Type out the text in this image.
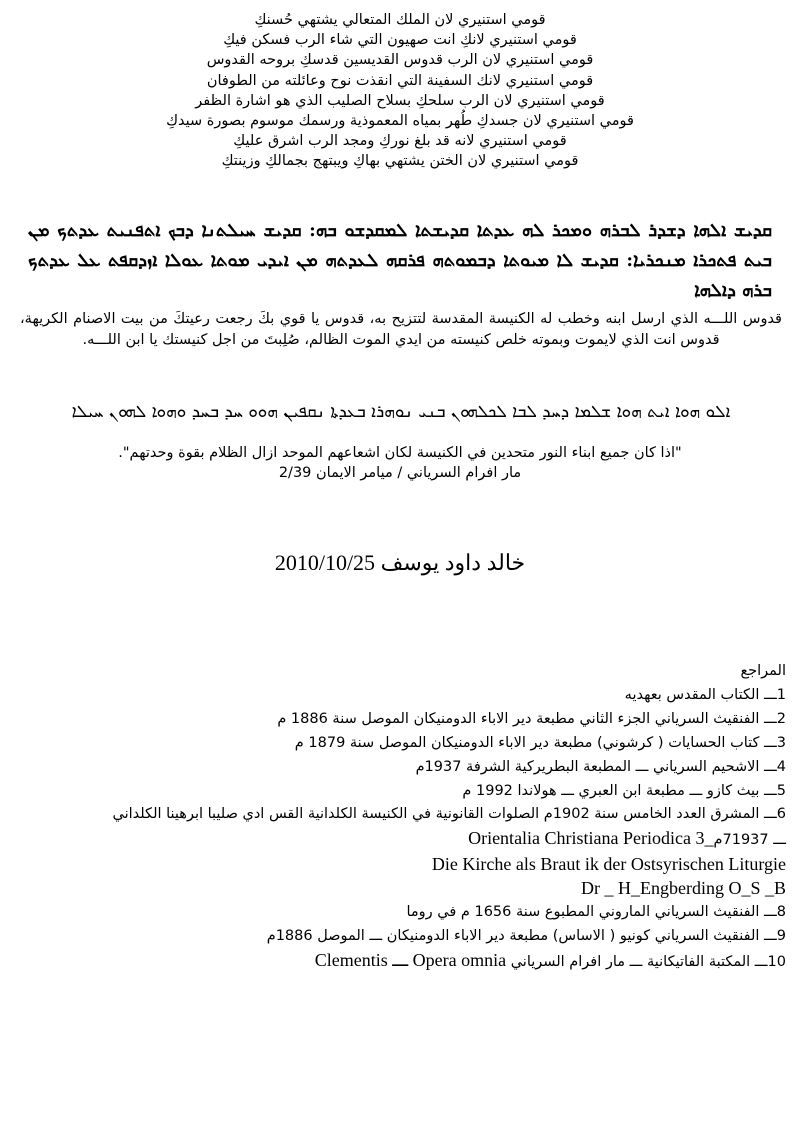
قومي استنيري لان الملك المتعالي يشتهي حُسنكِ
قومي استنيري لانكِ انت صهيون التي شاء الرب فسكن فيكِ
قومي استنيري لان الرب قدوس القديسين قدسكِ بروحه القدوس
قومي استنيري لانك السفينة التي انقذت نوح وعائلته من الطوفان
قومي استنيري لان الرب سلحكِ بسلاح الصليب الذي هو اشارة الظفر
قومي استنيري لان جسدكِ طُهر بمياه المعموذية ورسمك موسوم بصورة سيدكِ
قومي استنيري لانه قد بلغ نوركِ ومجد الرب اشرق عليكِ
قومي استنيري لان الختن يشتهي بهاكِ ويبتهج بجمالكِ وزينتكِ
ܩܕܝܫ ܐܠܗܐ ܕܫܕܪ ܠܒܪܗ ܘܡܟܪ ܠܗ ܥܕܬܐ ܩܕܝܫܬܐ ܠܡܩܕܫܘ ܒܗ: ܩܕܝܫ ܚܝܠܬܢܐ ܕܒܟ ܐܬܦܢܝܬ ܥܕܬܟ ܡܢ ܒܝܬ ܦܬܟܪܐ ܡܢܟܪܝܐ: ܩܕܝܫ ܠܐ ܡܝܘܬܐ ܕܒܡܘܬܗ ܦܪܩܗ ܠܥܕܬܗ ܡܢ ܐܝܕܝ ܡܘܬܐ ܥܘܠܐ ܐܙܕܩܦܬ ܥܠ ܥܕܬܟ ܒܪܗ ܕܐܠܗܐ
قدوس اللـــه الذي ارسل ابنه وخطب له الكنيسة المقدسة لتتزيح به، قدوس يا قوي بكَ رجعت رعيتكَ من بيت الاصنام الكريهة، قدوس انت الذي لايموت وبموته خلص كنيسته من ايدي الموت الظالم، صُلِبتَ من اجل كنيستك يا ابن اللـــه.
ܐܠܘ ܗܘܐ ܐܝܬ ܗܘܐ ܫܠܡܐ ܕܚܕ ܠܒܐ ܠܟܠܗܘܢ ܒܢܝ ܢܘܗܪܐ ܒܥܕܬܐ ܢܩܦܝܢ ܗܘܘ ܚܕ ܒܚܕ ܘܗܘܐ ܠܗܘܢ ܚܝܠܐ
"اذا كان جميع ابناء النور متحدين في الكنيسة لكان اشعاعهم الموحد ازال الظلام بقوة وحدتهم".
مار افرام السرياني / ميامر الايمان 2/39
خالد داود يوسف 2010/10/25
المراجع
1ـــ الكتاب المقدس بعهديه
2ـــ الفنقيث السرياني الجزء الثاني مطبعة دير الاباء الدومنيكان الموصل سنة 1886 م
3ـــ كتاب الحسايات ( كرشوني) مطبعة دير الاباء الدومنيكان الموصل سنة 1879 م
4ـــ الاشحيم السرياني ـــ المطبعة البطريركية الشرفة 1937م
5ـــ بيث كازو ـــ مطبعة ابن العبري ـــ هولاندا 1992 م
6ـــ المشرق العدد الخامس سنة 1902م الصلوات القانونية في الكنيسة الكلدانية القس ادي صليبا ابرهينا الكلداني
ـــ 71937مOrientalia Christiana Periodica 3_
Die Kirche als Braut ik der Ostsyrischen Liturgie
Dr _ H_Engberding O_S _B
8ـــ الفنقيث السرياني الماروني المطبوع سنة 1656 م في روما
9ـــ الفنقيث السرياني كونيو ( الاساس) مطبعة دير الاباء الدومنيكان ـــ الموصل 1886م
10ـــ المكتبة الفاتيكانية ـــ مار افرام السرياني Clementis ـــ Opera omnia
